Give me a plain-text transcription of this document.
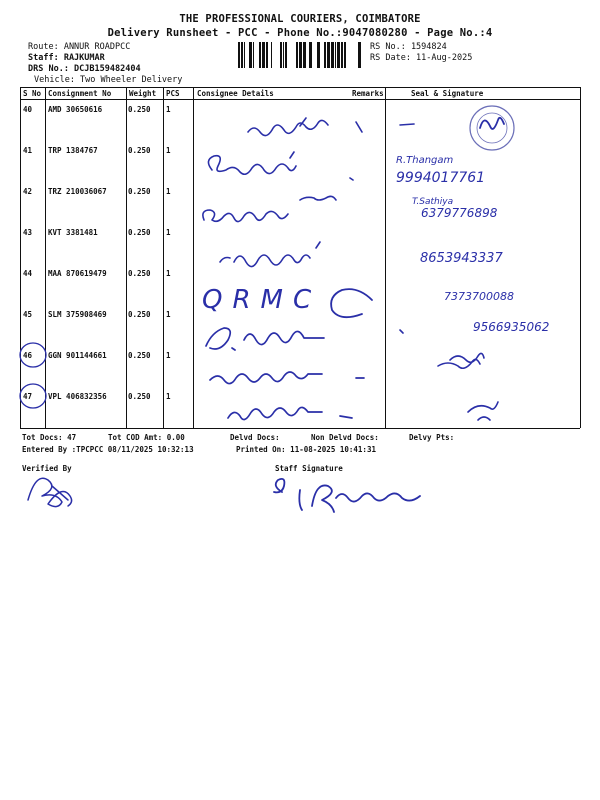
THE PROFESSIONAL COURIERS, COIMBATORE
Delivery Runsheet - PCC - Phone No.:9047080280 - Page No.:4
Route: ANNUR ROADPCC
Staff: RAJKUMAR
DRS No.: DCJB159482404
Vehicle: Two Wheeler Delivery
RS No.: 1594824
RS Date: 11-Aug-2025
S No Consignment No Weight PCS Consignee Details	Remarks	Seal & Signature
40 AMD 30650616	0.250 1
41 TRP 1384767	0.250 1
42 TRZ 210036067	0.250 1
43 KVT 3381481	0.250 1
44 MAA 870619479	0.250 1
45 SLM 375908469	0.250 1
46 GGN 901144661	0.250 1
47 VPL 406832356	0.250 1
Tot Docs: 47	Tot COD Amt: 0.00	Delvd Docs:	Non Delvd Docs:	Delvy Pts:
Entered By :TPCPCC 08/11/2025 10:32:13	Printed On: 11-08-2025 10:41:31
Verified By	Staff Signature
R.Thangam
9994017761
T.Sathiya
6379776898
8653943337
QRMC	7373700088
9566935062
